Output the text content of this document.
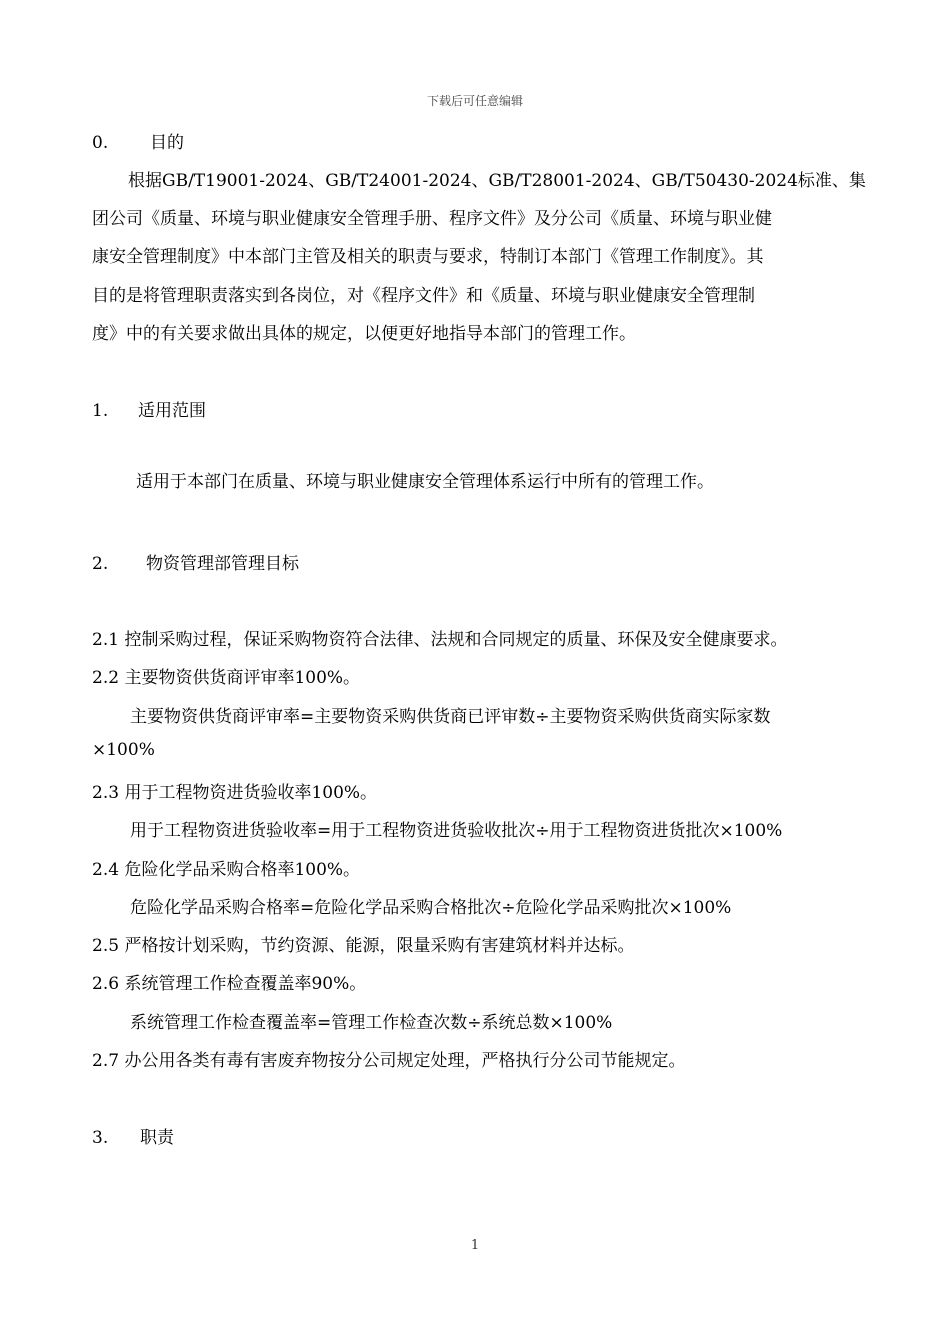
下载后可任意编辑
0. 目的
根据GB/T19001-2024、GB/T24001-2024、GB/T28001-2024、GB/T50430-2024标准、集
团公司《质量、环境与职业健康安全管理手册、程序文件》及分公司《质量、环境与职业健
康安全管理制度》中本部门主管及相关的职责与要求，特制订本部门《管理工作制度》。其
目的是将管理职责落实到各岗位，对《程序文件》和《质量、环境与职业健康安全管理制
度》中的有关要求做出具体的规定，以便更好地指导本部门的管理工作。
1. 适用范围
适用于本部门在质量、环境与职业健康安全管理体系运行中所有的管理工作。
2. 物资管理部管理目标
2.1 控制采购过程，保证采购物资符合法律、法规和合同规定的质量、环保及安全健康要求。
2.2 主要物资供货商评审率100%。
主要物资供货商评审率=主要物资采购供货商已评审数÷主要物资采购供货商实际家数
×100%
2.3 用于工程物资进货验收率100%。
用于工程物资进货验收率=用于工程物资进货验收批次÷用于工程物资进货批次×100%
2.4 危险化学品采购合格率100%。
危险化学品采购合格率=危险化学品采购合格批次÷危险化学品采购批次×100%
2.5 严格按计划采购，节约资源、能源，限量采购有害建筑材料并达标。
2.6 系统管理工作检查覆盖率90%。
系统管理工作检查覆盖率=管理工作检查次数÷系统总数×100%
2.7 办公用各类有毒有害废弃物按分公司规定处理，严格执行分公司节能规定。
3. 职责
1
